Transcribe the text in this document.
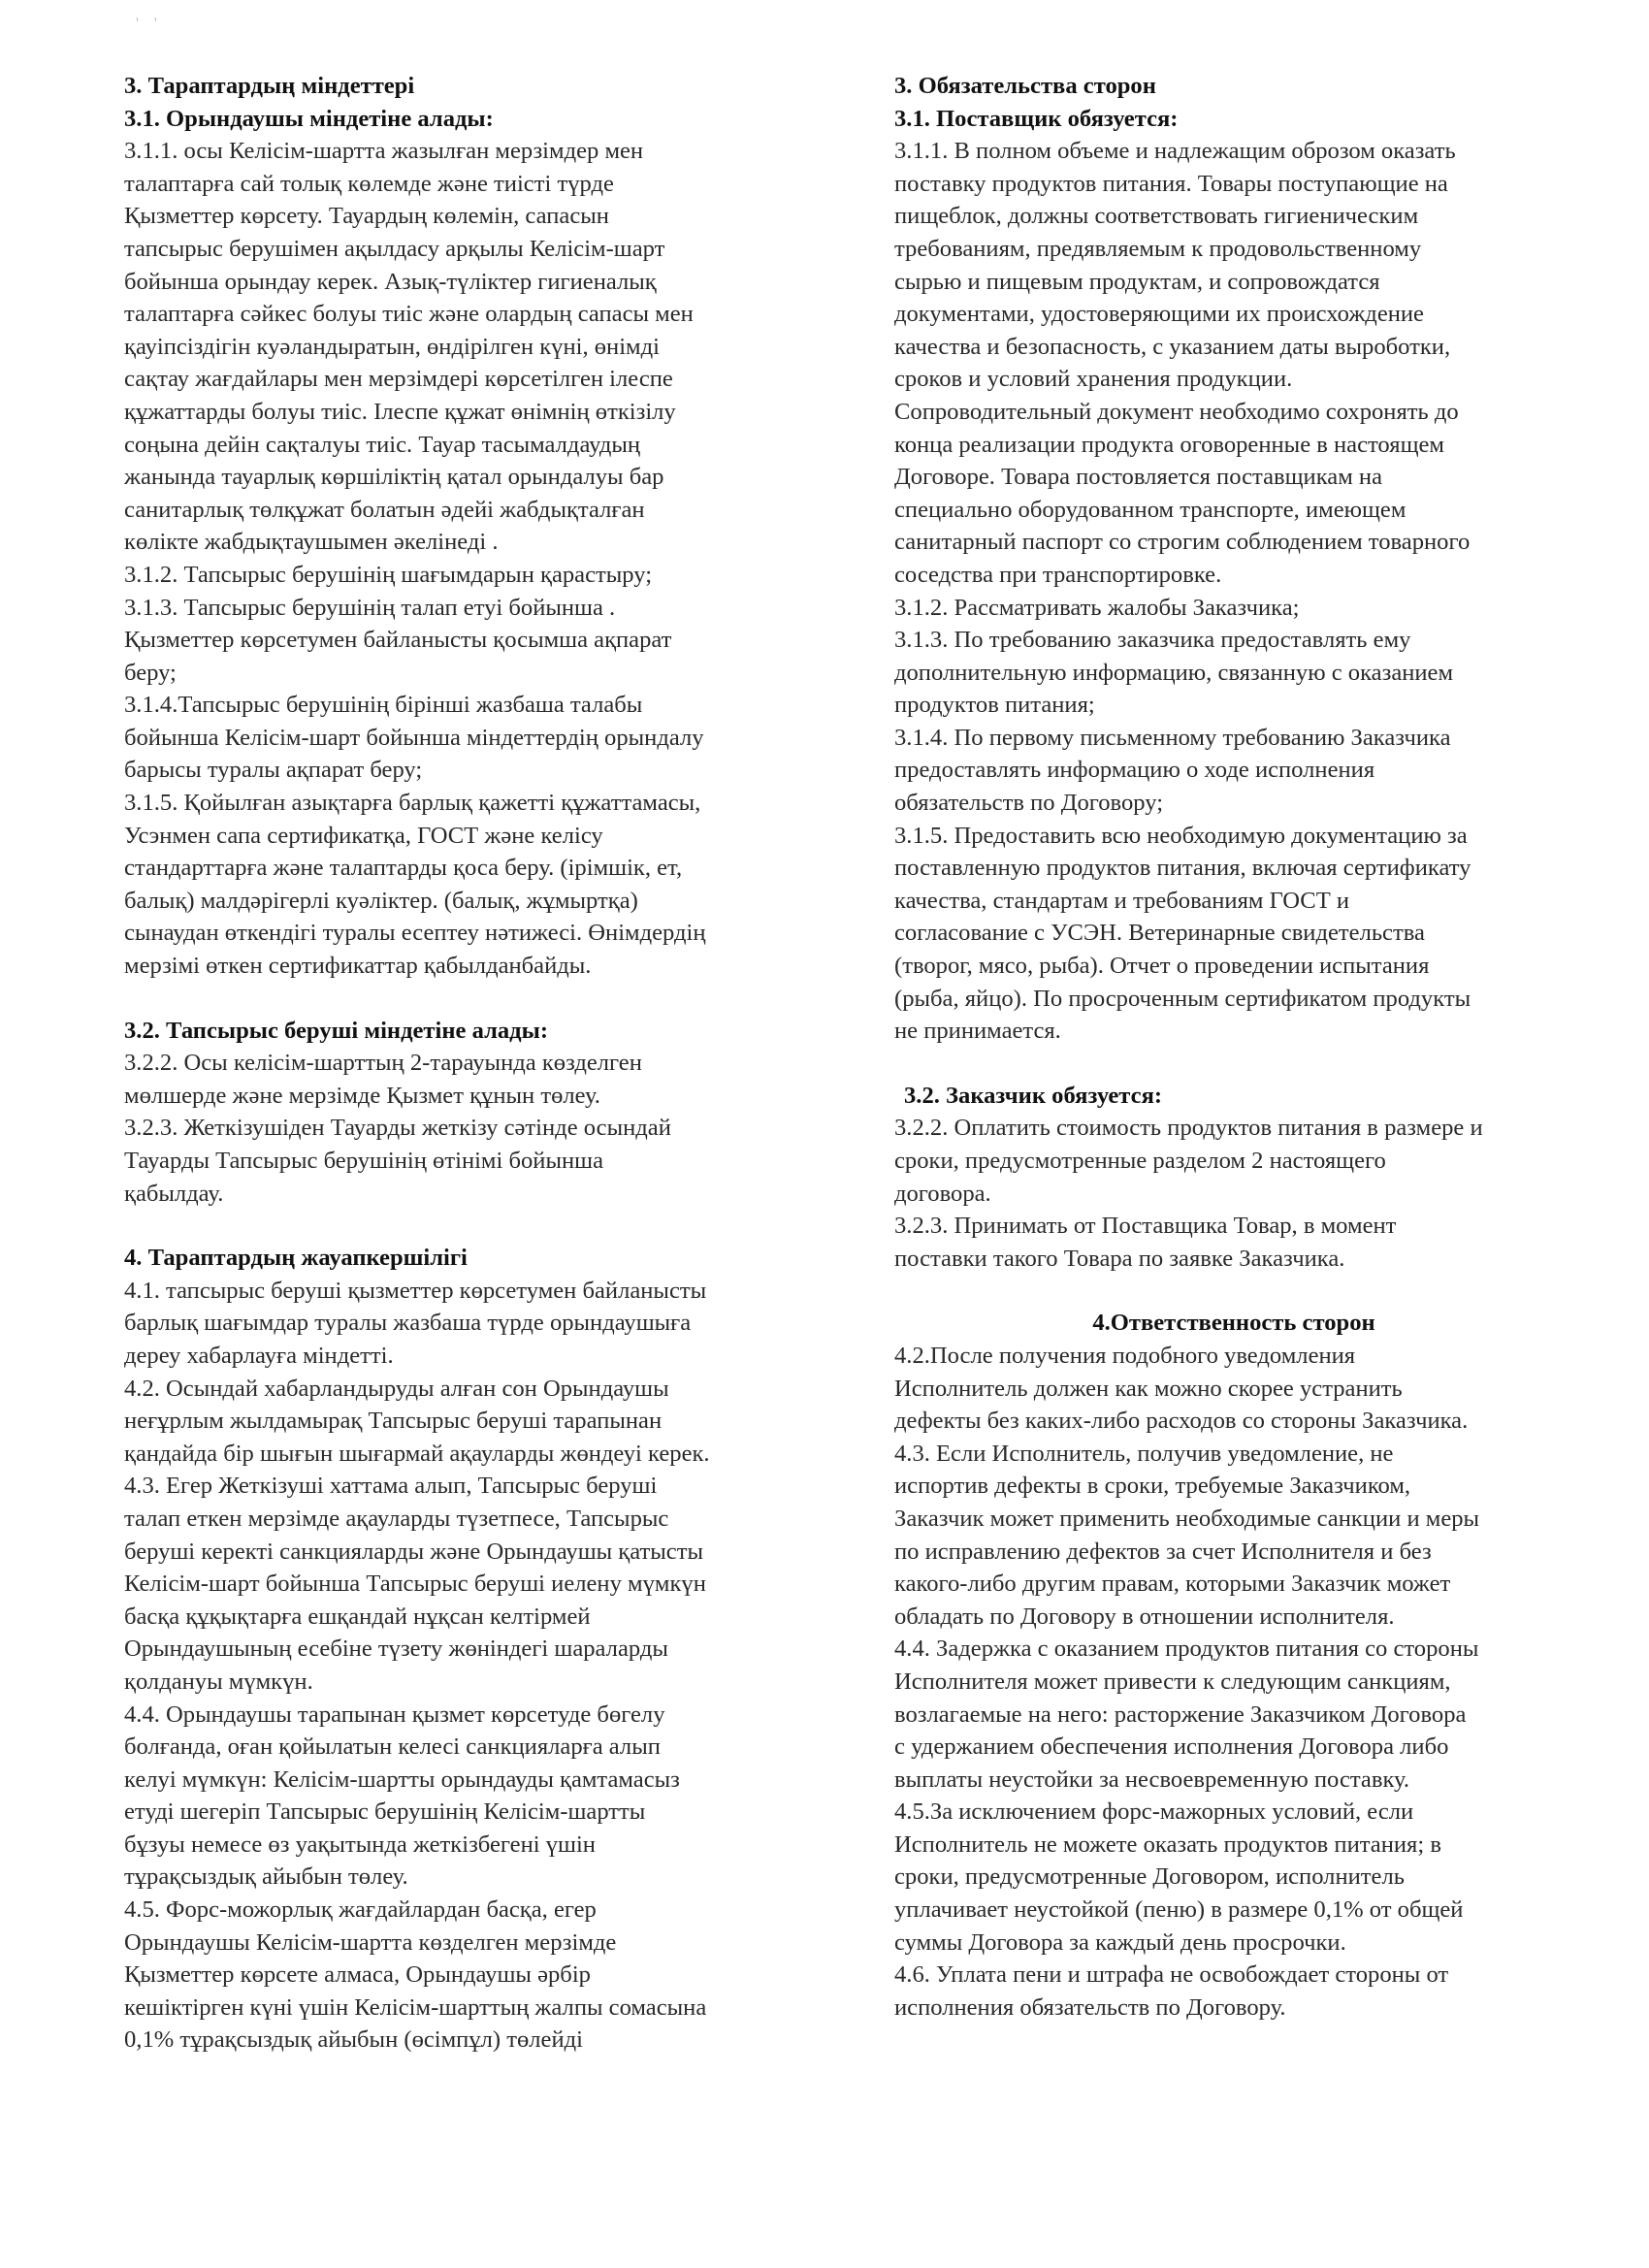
' '

3. Тараптардың міндеттері

3.1. Орындаушы міндетіне алады:

3.1.1. осы Келісім-шартта жазылған мерзімдер мен

талаптарға сай толық көлемде және тиісті түрде

Қызметтер көрсету. Тауардың көлемін, сапасын

тапсырыс берушімен ақылдасу арқылы Келісім-шарт

бойынша орындау керек. Азық-түліктер гигиеналық

талаптарға сәйкес болуы тиіс және олардың сапасы мен

қауіпсіздігін куәландыратын, өндірілген күні, өнімді

сақтау жағдайлары мен мерзімдері көрсетілген ілеспе

құжаттарды болуы тиіс. Ілеспе құжат өнімнің өткізілу

соңына дейін сақталуы тиіс. Тауар тасымалдаудың

жанында тауарлық көршіліктің қатал орындалуы бар

санитарлық төлқұжат болатын әдейі жабдықталған

көлікте жабдықтаушымен әкелінеді .

3.1.2. Тапсырыс берушінің шағымдарын қарастыру;

3.1.3. Тапсырыс берушінің талап етуі бойынша .

Қызметтер көрсетумен байланысты қосымша ақпарат

беру;

3.1.4.Тапсырыс берушінің бірінші жазбаша талабы

бойынша Келісім-шарт бойынша міндеттердің орындалу

барысы туралы ақпарат беру;

3.1.5. Қойылған азықтарға барлық қажетті құжаттамасы,

Усэнмен сапа сертификатқа, ГОСТ және келісу

стандарттарға және талаптарды қоса беру. (ірімшік, ет,

балық) малдәрігерлі куәліктер. (балық, жұмыртқа)

сынаудан өткендігі туралы есептеу нәтижесі. Өнімдердің

мерзімі өткен сертификаттар қабылданбайды.

3.2. Тапсырыс беруші міндетіне алады:

3.2.2. Осы келісім-шарттың 2-тарауында көзделген

мөлшерде және мерзімде Қызмет құнын төлеу.

3.2.3. Жеткізушіден Тауарды жеткізу сәтінде осындай

Тауарды Тапсырыс берушінің өтінімі бойынша

қабылдау.

4. Тараптардың жауапкершілігі

4.1. тапсырыс беруші қызметтер көрсетумен байланысты

барлық шағымдар туралы жазбаша түрде орындаушыға

дереу хабарлауға міндетті.

4.2. Осындай хабарландыруды алған сон Орындаушы

неғұрлым жылдамырақ Тапсырыс беруші тарапынан

қандайда бір шығын шығармай ақауларды жөндеуі керек.

4.3. Егер Жеткізуші хаттама алып, Тапсырыс беруші

талап еткен мерзімде ақауларды түзетпесе, Тапсырыс

беруші керекті санкцияларды және Орындаушы қатысты

Келісім-шарт бойынша Тапсырыс беруші иелену мүмкүн

басқа құқықтарға ешқандай нұқсан келтірмей

Орындаушының есебіне түзету жөніндегі шараларды

қолдануы мүмкүн.

4.4. Орындаушы тарапынан қызмет көрсетуде бөгелу

болғанда, оған қойылатын келесі санкцияларға алып

келуі мүмкүн: Келісім-шартты орындауды қамтамасыз

етуді шегеріп Тапсырыс берушінің Келісім-шартты

бұзуы немесе өз уақытында жеткізбегені үшін

тұрақсыздық айыбын төлеу.

4.5. Форс-можорлық жағдайлардан басқа, егер

Орындаушы Келісім-шартта көзделген мерзімде

Қызметтер көрсете алмаса, Орындаушы әрбір

кешіктірген күні үшін Келісім-шарттың жалпы сомасына

0,1% тұрақсыздық айыбын (өсімпұл) төлейді

3. Обязательства сторон

3.1. Поставщик обязуется:

3.1.1. В полном объеме и надлежащим оброзом оказать

поставку продуктов питания. Товары поступающие на

пищеблок, должны соответствовать гигиеническим

требованиям, предявляемым к продовольственному

сырью и пищевым продуктам, и сопровождатся

документами, удостоверяющими их происхождение

качества и безопасность, с указанием даты выроботки,

сроков и условий хранения продукции.

Сопроводительный документ необходимо сохронять до

конца реализации продукта оговоренные в настоящем

Договоре. Товара постовляется поставщикам на

специально оборудованном транспорте, имеющем

санитарный паспорт со строгим соблюдением товарного

соседства при транспортировке.

3.1.2. Рассматривать жалобы Заказчика;

3.1.3. По требованию заказчика предоставлять ему

дополнительную информацию, связанную с оказанием

продуктов питания;

3.1.4. По первому письменному требованию Заказчика

предоставлять информацию о ходе исполнения

обязательств по Договору;

3.1.5. Предоставить всю необходимую документацию за

поставленную продуктов питания, включая сертификату

качества, стандартам и требованиям ГОСТ и

согласование с УСЭН. Ветеринарные свидетельства

(творог, мясо, рыба). Отчет о проведении испытания

(рыба, яйцо). По просроченным сертификатом продукты

не принимается.

3.2. Заказчик обязуется:

3.2.2. Оплатить стоимость продуктов питания в размере и

сроки, предусмотренные разделом 2 настоящего

договора.

3.2.3. Принимать от Поставщика Товар, в момент

поставки такого Товара по заявке Заказчика.

4.Ответственность сторон

4.2.После получения подобного уведомления

Исполнитель должен как можно скорее устранить

дефекты без каких-либо расходов со стороны Заказчика.

4.3. Если Исполнитель, получив уведомление, не

испортив дефекты в сроки, требуемые Заказчиком,

Заказчик может применить необходимые санкции и меры

по исправлению дефектов за счет Исполнителя и без

какого-либо другим правам, которыми Заказчик может

обладать по Договору в отношении исполнителя.

4.4. Задержка с оказанием продуктов питания со стороны

Исполнителя может привести к следующим санкциям,

возлагаемые на него: расторжение Заказчиком Договора

с удержанием обеспечения исполнения Договора либо

выплаты неустойки за несвоевременную поставку.

4.5.За исключением форс-мажорных условий, если

Исполнитель не можете оказать продуктов питания; в

сроки, предусмотренные Договором, исполнитель

уплачивает неустойкой (пеню) в размере 0,1% от общей

суммы Договора за каждый день просрочки.

4.6. Уплата пени и штрафа не освобождает стороны от

исполнения обязательств по Договору.
